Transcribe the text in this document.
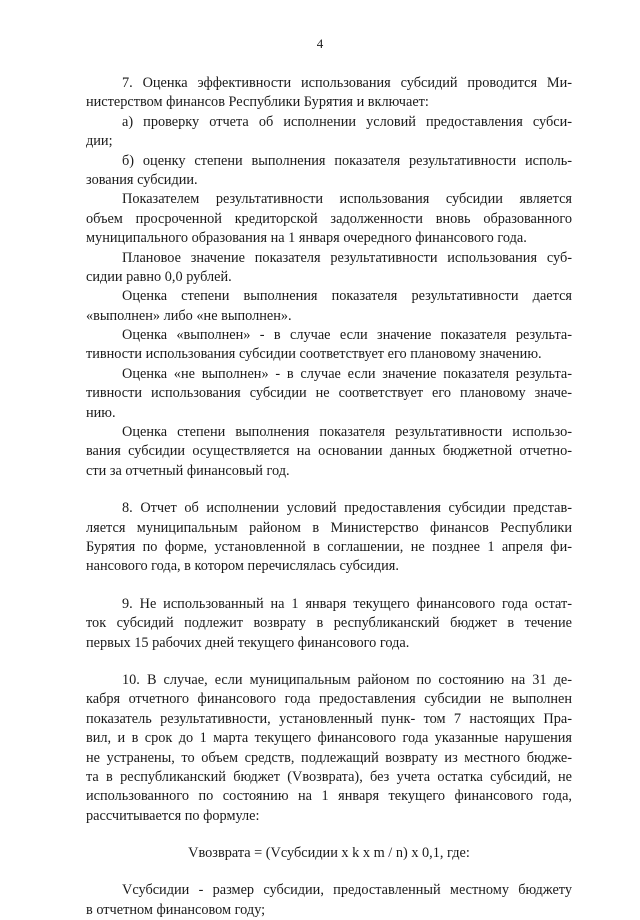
4
7. Оценка эффективности использования субсидий проводится Ми-
нистерством финансов Республики Бурятия и включает:
а) проверку отчета об исполнении условий предоставления субси-
дии;
б) оценку степени выполнения показателя результативности исполь-
зования субсидии.
Показателем результативности использования субсидии является
объем просроченной кредиторской задолженности вновь образованного
муниципального образования на 1 января очередного финансового года.
Плановое значение показателя результативности использования суб-
сидии равно 0,0 рублей.
Оценка степени выполнения показателя результативности дается
«выполнен» либо «не выполнен».
Оценка «выполнен» - в случае если значение показателя результа-
тивности использования субсидии соответствует его плановому значению.
Оценка «не выполнен» - в случае если значение показателя результа-
тивности использования субсидии не соответствует его плановому значе-
нию.
Оценка степени выполнения показателя результативности использо-
вания субсидии осуществляется на основании данных бюджетной отчетно-
сти за отчетный финансовый год.
8. Отчет об исполнении условий предоставления субсидии представ-
ляется муниципальным районом в Министерство финансов Республики
Бурятия по форме, установленной в соглашении, не позднее 1 апреля фи-
нансового года, в котором перечислялась субсидия.
9. Не использованный на 1 января текущего финансового года остат-
ток субсидий подлежит возврату в республиканский бюджет в течение
первых 15 рабочих дней текущего финансового года.
10. В случае, если муниципальным районом по состоянию на 31 де-
кабря отчетного финансового года предоставления субсидии не выполнен
показатель результативности, установленный пунк- том 7 настоящих Пра-
вил, и в срок до 1 марта текущего финансового года указанные нарушения
не устранены, то объем средств, подлежащий возврату из местного бюдже-
та в республиканский бюджет (Vвозврата), без учета остатка субсидий, не
использованного по состоянию на 1 января текущего финансового года,
рассчитывается по формуле:
Vвозврата = (Vсубсидии x k x m / n) x 0,1, где:
Vсубсидии - размер субсидии, предоставленный местному бюджету
в отчетном финансовом году;
